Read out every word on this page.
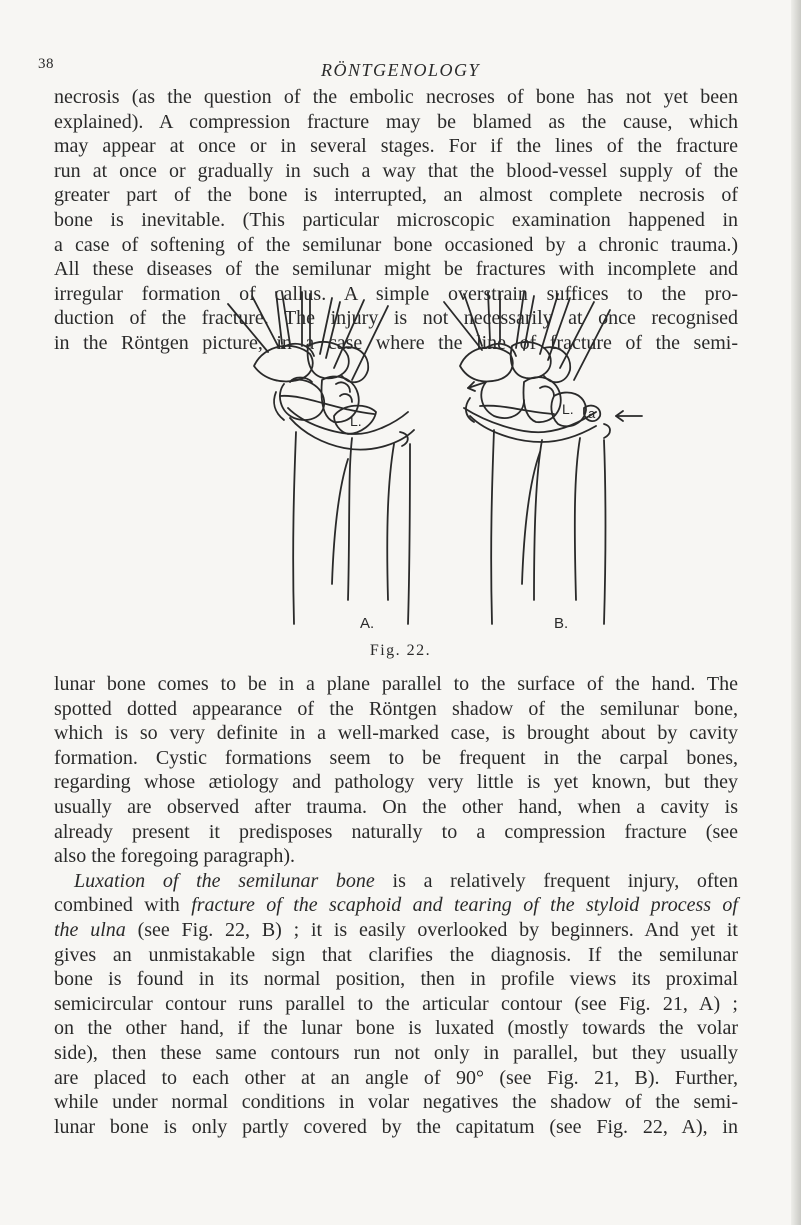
38	RÖNTGENOLOGY
necrosis (as the question of the embolic necroses of bone has not yet been
explained). A compression fracture may be blamed as the cause, which
may appear at once or in several stages. For if the lines of the fracture
run at once or gradually in such a way that the blood-vessel supply of the
greater part of the bone is interrupted, an almost complete necrosis of
bone is inevitable. (This particular microscopic examination happened in
a case of softening of the semilunar bone occasioned by a chronic trauma.)
All these diseases of the semilunar might be fractures with incomplete and
irregular formation of callus. A simple overstrain suffices to the pro-
duction of the fracture. The injury is not necessarily at once recognised
in the Röntgen picture, in a case where the line of fracture of the semi-
L.
A.
L. a
B.
Fig. 22.
lunar bone comes to be in a plane parallel to the surface of the hand. The
spotted dotted appearance of the Röntgen shadow of the semilunar bone,
which is so very definite in a well-marked case, is brought about by cavity
formation. Cystic formations seem to be frequent in the carpal bones,
regarding whose ætiology and pathology very little is yet known, but they
usually are observed after trauma. On the other hand, when a cavity is
already present it predisposes naturally to a compression fracture (see
also the foregoing paragraph).
Luxation of the semilunar bone is a relatively frequent injury, often
combined with fracture of the scaphoid and tearing of the styloid process of
the ulna (see Fig. 22, B) ; it is easily overlooked by beginners. And yet it
gives an unmistakable sign that clarifies the diagnosis. If the semilunar
bone is found in its normal position, then in profile views its proximal
semicircular contour runs parallel to the articular contour (see Fig. 21, A) ;
on the other hand, if the lunar bone is luxated (mostly towards the volar
side), then these same contours run not only in parallel, but they usually
are placed to each other at an angle of 90° (see Fig. 21, B). Further,
while under normal conditions in volar negatives the shadow of the semi-
lunar bone is only partly covered by the capitatum (see Fig. 22, A), in
